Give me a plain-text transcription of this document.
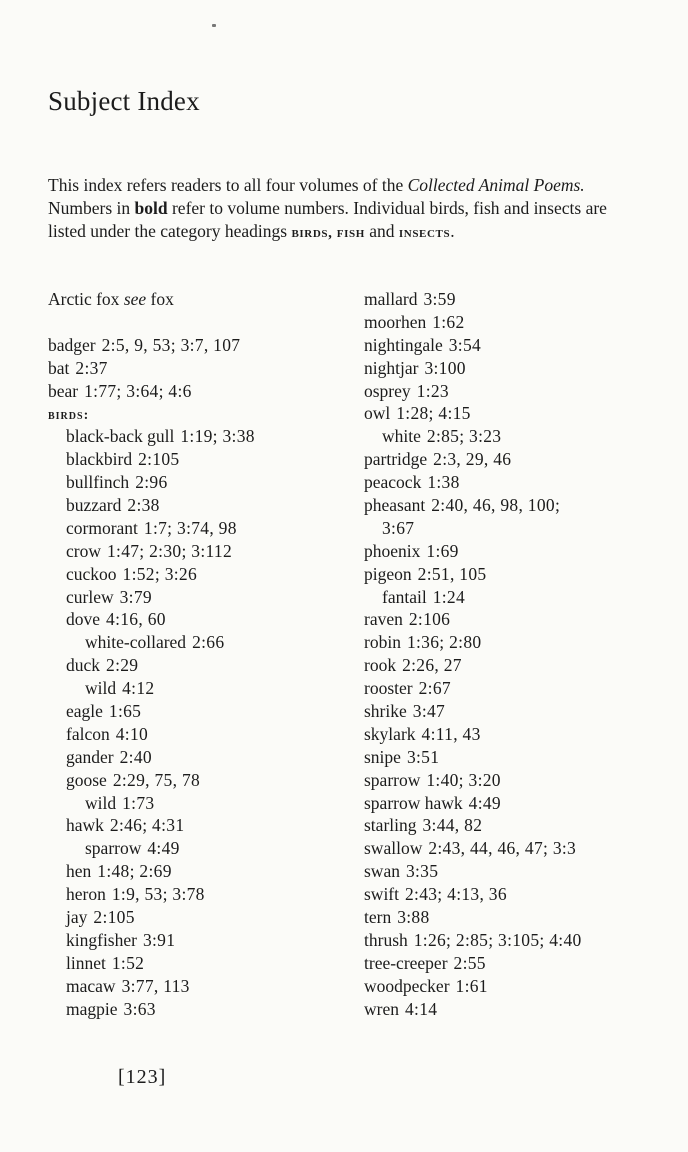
Subject Index

This index refers readers to all four volumes of the Collected Animal Poems. Numbers in bold refer to volume numbers. Individual birds, fish and insects are listed under the category headings birds, fish and insects.

Arctic fox see fox
badger 2:5, 9, 53; 3:7, 107
bat 2:37
bear 1:77; 3:64; 4:6
birds:
black-back gull 1:19; 3:38
blackbird 2:105
bullfinch 2:96
buzzard 2:38
cormorant 1:7; 3:74, 98
crow 1:47; 2:30; 3:112
cuckoo 1:52; 3:26
curlew 3:79
dove 4:16, 60
white-collared 2:66
duck 2:29
wild 4:12
eagle 1:65
falcon 4:10
gander 2:40
goose 2:29, 75, 78
wild 1:73
hawk 2:46; 4:31
sparrow 4:49
hen 1:48; 2:69
heron 1:9, 53; 3:78
jay 2:105
kingfisher 3:91
linnet 1:52
macaw 3:77, 113
magpie 3:63
mallard 3:59
moorhen 1:62
nightingale 3:54
nightjar 3:100
osprey 1:23
owl 1:28; 4:15
white 2:85; 3:23
partridge 2:3, 29, 46
peacock 1:38
pheasant 2:40, 46, 98, 100;
3:67
phoenix 1:69
pigeon 2:51, 105
fantail 1:24
raven 2:106
robin 1:36; 2:80
rook 2:26, 27
rooster 2:67
shrike 3:47
skylark 4:11, 43
snipe 3:51
sparrow 1:40; 3:20
sparrow hawk 4:49
starling 3:44, 82
swallow 2:43, 44, 46, 47; 3:3
swan 3:35
swift 2:43; 4:13, 36
tern 3:88
thrush 1:26; 2:85; 3:105; 4:40
tree-creeper 2:55
woodpecker 1:61
wren 4:14
[123]
